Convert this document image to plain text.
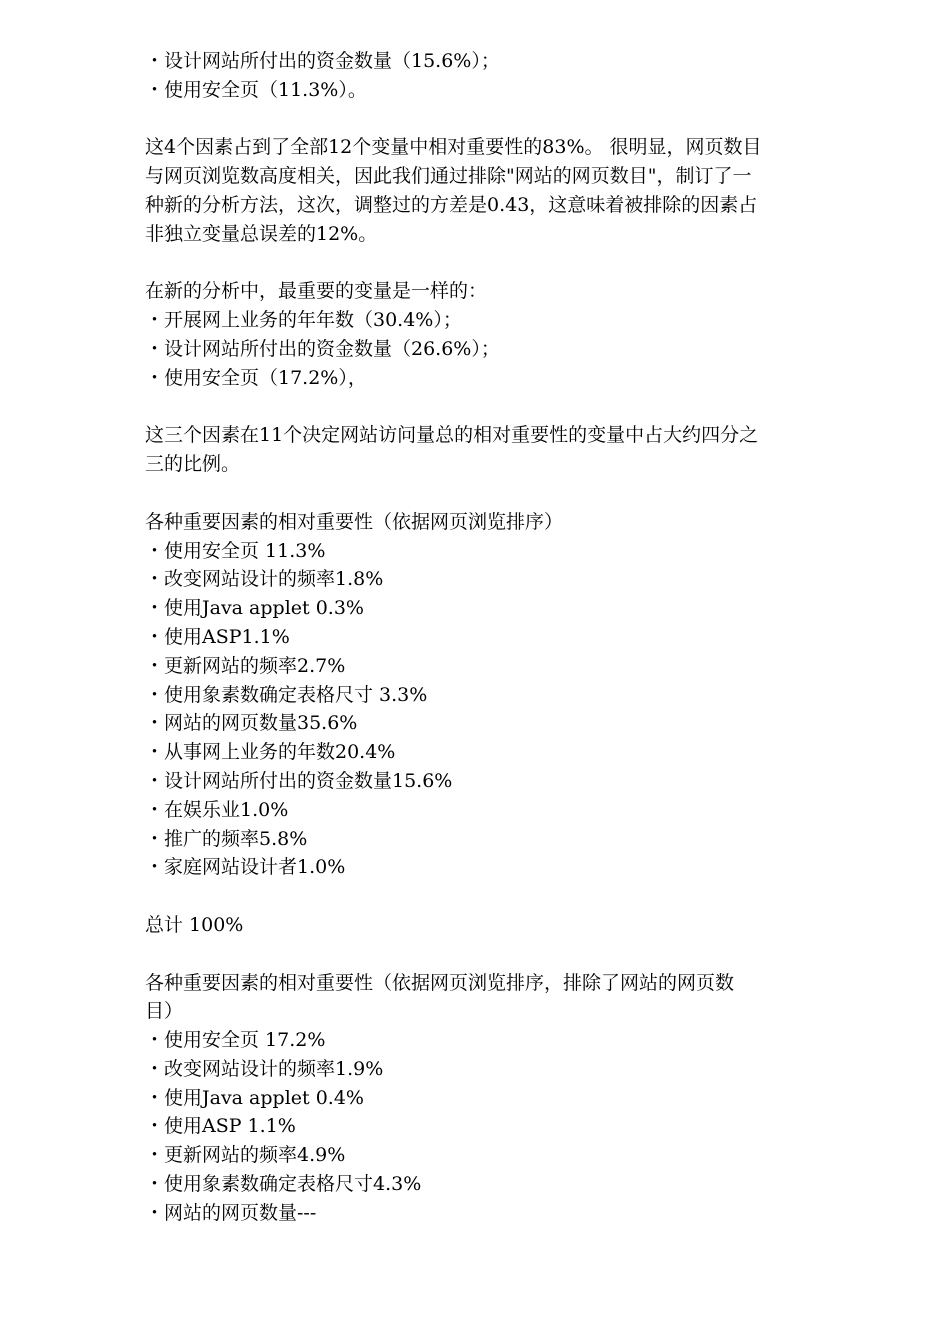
・设计网站所付出的资金数量（15.6%）；
・使用安全页（11.3%）。
这4个因素占到了全部12个变量中相对重要性的83%。 很明显，网页数目
与网页浏览数高度相关，因此我们通过排除"网站的网页数目"，制订了一
种新的分析方法，这次，调整过的方差是0.43，这意味着被排除的因素占
非独立变量总误差的12%。
在新的分析中，最重要的变量是一样的：
・开展网上业务的年年数（30.4%）；
・设计网站所付出的资金数量（26.6%）；
・使用安全页（17.2%），
这三个因素在11个决定网站访问量总的相对重要性的变量中占大约四分之
三的比例。
各种重要因素的相对重要性（依据网页浏览排序）
・使用安全页 11.3%
・改变网站设计的频率1.8%
・使用Java applet 0.3%
・使用ASP1.1%
・更新网站的频率2.7%
・使用象素数确定表格尺寸 3.3%
・网站的网页数量35.6%
・从事网上业务的年数20.4%
・设计网站所付出的资金数量15.6%
・在娱乐业1.0%
・推广的频率5.8%
・家庭网站设计者1.0%
总计 100%
各种重要因素的相对重要性（依据网页浏览排序，排除了网站的网页数
目）
・使用安全页 17.2%
・改变网站设计的频率1.9%
・使用Java applet 0.4%
・使用ASP 1.1%
・更新网站的频率4.9%
・使用象素数确定表格尺寸4.3%
・网站的网页数量---
